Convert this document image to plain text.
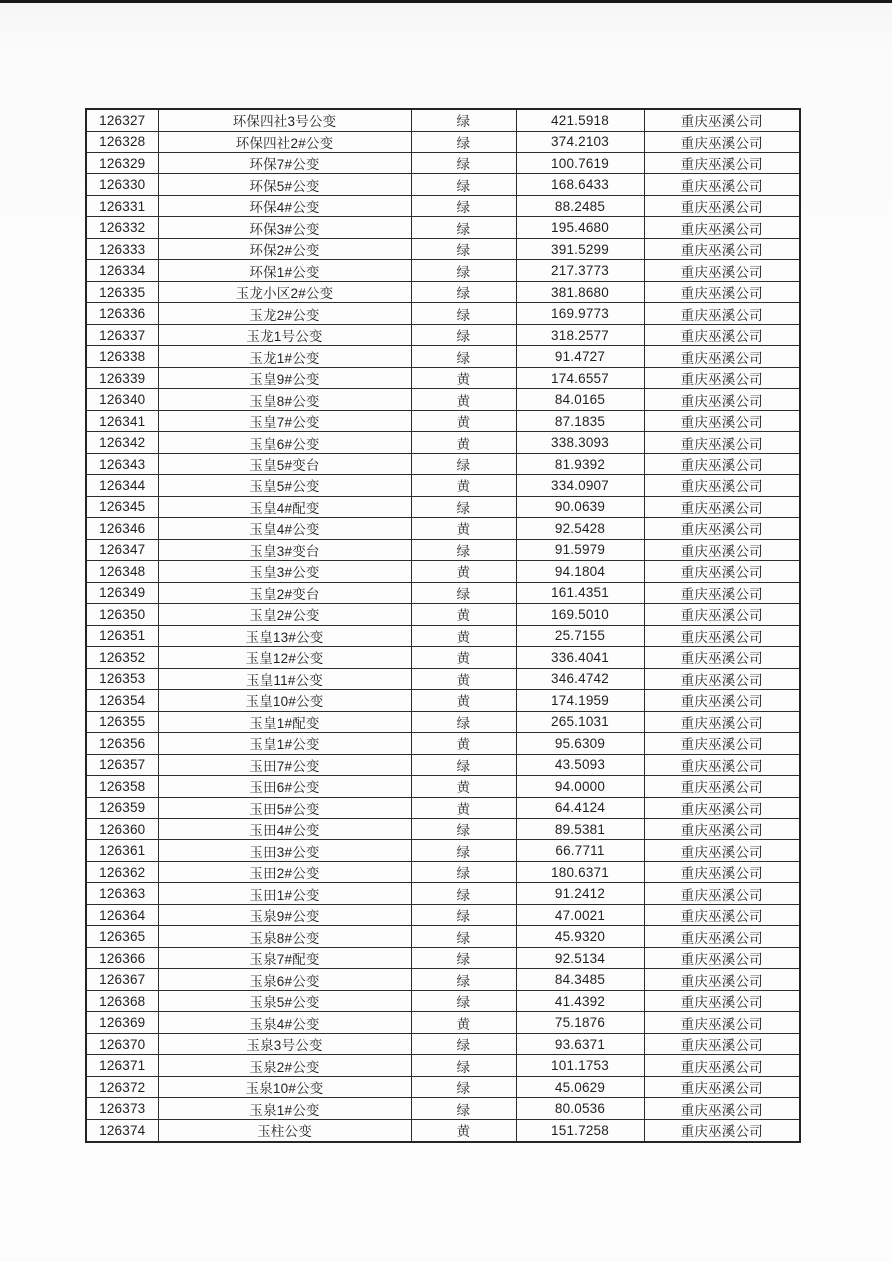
126327	环保四社3号公变	绿	421.5918	重庆巫溪公司
126328	环保四社2#公变	绿	374.2103	重庆巫溪公司
126329	环保7#公变	绿	100.7619	重庆巫溪公司
126330	环保5#公变	绿	168.6433	重庆巫溪公司
126331	环保4#公变	绿	88.2485	重庆巫溪公司
126332	环保3#公变	绿	195.4680	重庆巫溪公司
126333	环保2#公变	绿	391.5299	重庆巫溪公司
126334	环保1#公变	绿	217.3773	重庆巫溪公司
126335	玉龙小区2#公变	绿	381.8680	重庆巫溪公司
126336	玉龙2#公变	绿	169.9773	重庆巫溪公司
126337	玉龙1号公变	绿	318.2577	重庆巫溪公司
126338	玉龙1#公变	绿	91.4727	重庆巫溪公司
126339	玉皇9#公变	黄	174.6557	重庆巫溪公司
126340	玉皇8#公变	黄	84.0165	重庆巫溪公司
126341	玉皇7#公变	黄	87.1835	重庆巫溪公司
126342	玉皇6#公变	黄	338.3093	重庆巫溪公司
126343	玉皇5#变台	绿	81.9392	重庆巫溪公司
126344	玉皇5#公变	黄	334.0907	重庆巫溪公司
126345	玉皇4#配变	绿	90.0639	重庆巫溪公司
126346	玉皇4#公变	黄	92.5428	重庆巫溪公司
126347	玉皇3#变台	绿	91.5979	重庆巫溪公司
126348	玉皇3#公变	黄	94.1804	重庆巫溪公司
126349	玉皇2#变台	绿	161.4351	重庆巫溪公司
126350	玉皇2#公变	黄	169.5010	重庆巫溪公司
126351	玉皇13#公变	黄	25.7155	重庆巫溪公司
126352	玉皇12#公变	黄	336.4041	重庆巫溪公司
126353	玉皇11#公变	黄	346.4742	重庆巫溪公司
126354	玉皇10#公变	黄	174.1959	重庆巫溪公司
126355	玉皇1#配变	绿	265.1031	重庆巫溪公司
126356	玉皇1#公变	黄	95.6309	重庆巫溪公司
126357	玉田7#公变	绿	43.5093	重庆巫溪公司
126358	玉田6#公变	黄	94.0000	重庆巫溪公司
126359	玉田5#公变	黄	64.4124	重庆巫溪公司
126360	玉田4#公变	绿	89.5381	重庆巫溪公司
126361	玉田3#公变	绿	66.7711	重庆巫溪公司
126362	玉田2#公变	绿	180.6371	重庆巫溪公司
126363	玉田1#公变	绿	91.2412	重庆巫溪公司
126364	玉泉9#公变	绿	47.0021	重庆巫溪公司
126365	玉泉8#公变	绿	45.9320	重庆巫溪公司
126366	玉泉7#配变	绿	92.5134	重庆巫溪公司
126367	玉泉6#公变	绿	84.3485	重庆巫溪公司
126368	玉泉5#公变	绿	41.4392	重庆巫溪公司
126369	玉泉4#公变	黄	75.1876	重庆巫溪公司
126370	玉泉3号公变	绿	93.6371	重庆巫溪公司
126371	玉泉2#公变	绿	101.1753	重庆巫溪公司
126372	玉泉10#公变	绿	45.0629	重庆巫溪公司
126373	玉泉1#公变	绿	80.0536	重庆巫溪公司
126374	玉柱公变	黄	151.7258	重庆巫溪公司
